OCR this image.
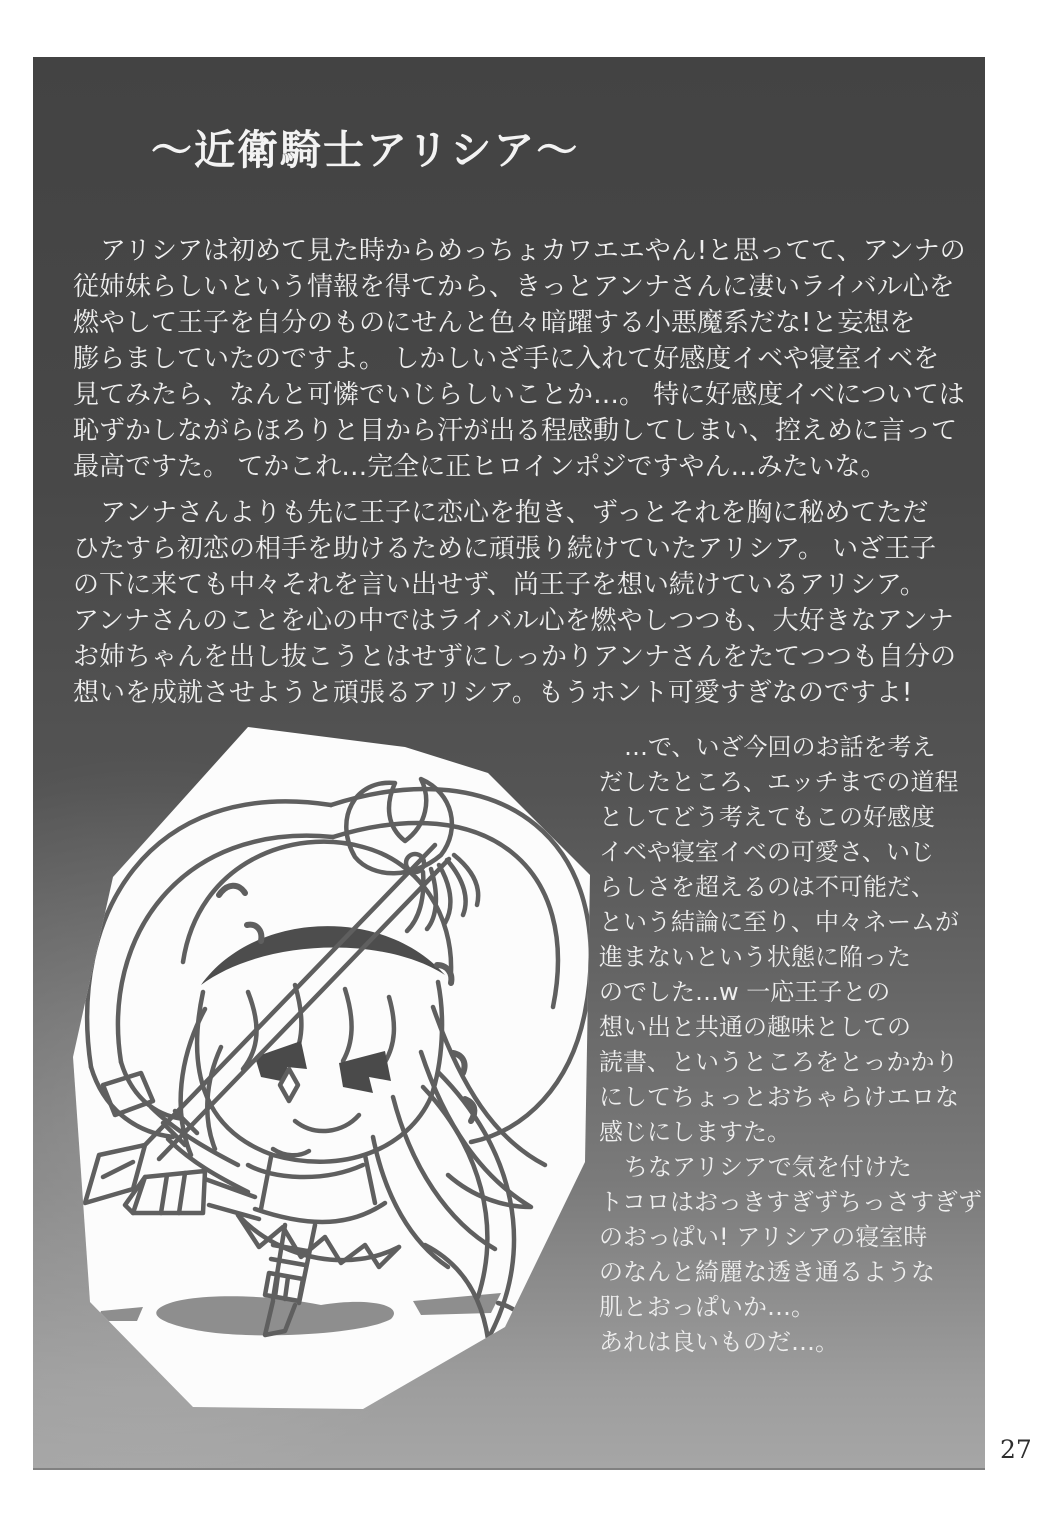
～近衛騎士アリシア～
アリシアは初めて見た時からめっちょカワエエやん!と思ってて、アンナの
従姉妹らしいという情報を得てから、きっとアンナさんに凄いライバル心を
燃やして王子を自分のものにせんと色々暗躍する小悪魔系だな!と妄想を
膨らましていたのですよ。 しかしいざ手に入れて好感度イベや寝室イベを
見てみたら、なんと可憐でいじらしいことか…。 特に好感度イベについては
恥ずかしながらほろりと目から汗が出る程感動してしまい、控えめに言って
最高ですた。 てかこれ…完全に正ヒロインポジですやん…みたいな。
アンナさんよりも先に王子に恋心を抱き、ずっとそれを胸に秘めてただ
ひたすら初恋の相手を助けるために頑張り続けていたアリシア。 いざ王子
の下に来ても中々それを言い出せず、尚王子を想い続けているアリシア。
アンナさんのことを心の中ではライバル心を燃やしつつも、大好きなアンナ
お姉ちゃんを出し抜こうとはせずにしっかりアンナさんをたてつつも自分の
想いを成就させようと頑張るアリシア。もうホント可愛すぎなのですよ!
…で、いざ今回のお話を考え
だしたところ、エッチまでの道程
としてどう考えてもこの好感度
イベや寝室イベの可愛さ、いじ
らしさを超えるのは不可能だ、
という結論に至り、中々ネームが
進まないという状態に陥った
のでした…w 一応王子との
想い出と共通の趣味としての
読書、というところをとっかかり
にしてちょっとおちゃらけエロな
感じにしますた。
ちなアリシアで気を付けた
トコロはおっきすぎずちっさすぎず
のおっぱい! アリシアの寝室時
のなんと綺麗な透き通るような
肌とおっぱいか…。
あれは良いものだ…。
27
